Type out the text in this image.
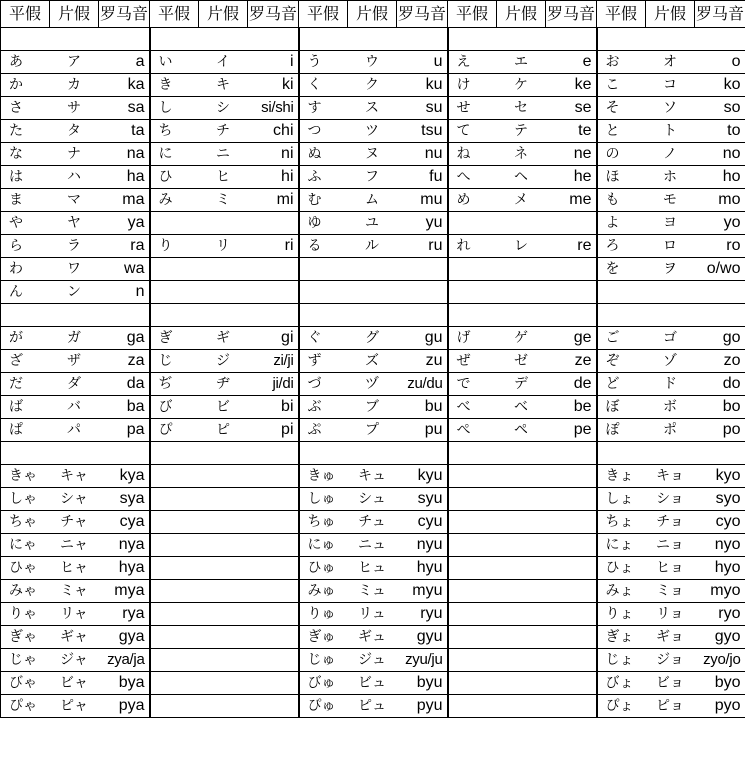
平假	片假	罗马音	平假	片假	罗马音	平假	片假	罗马音	平假	片假	罗马音	平假	片假	罗马音

あ	ア	a	い	イ	i	う	ウ	u	え	エ	e	お	オ	o
か	カ	ka	き	キ	ki	く	ク	ku	け	ケ	ke	こ	コ	ko
さ	サ	sa	し	シ	si/shi	す	ス	su	せ	セ	se	そ	ソ	so
た	タ	ta	ち	チ	chi	つ	ツ	tsu	て	テ	te	と	ト	to
な	ナ	na	に	ニ	ni	ぬ	ヌ	nu	ね	ネ	ne	の	ノ	no
は	ハ	ha	ひ	ヒ	hi	ふ	フ	fu	へ	ヘ	he	ほ	ホ	ho
ま	マ	ma	み	ミ	mi	む	ム	mu	め	メ	me	も	モ	mo
や	ヤ	ya				ゆ	ユ	yu				よ	ヨ	yo
ら	ラ	ra	り	リ	ri	る	ル	ru	れ	レ	re	ろ	ロ	ro
わ	ワ	wa										を	ヲ	o/wo
ん	ン	n												

が	ガ	ga	ぎ	ギ	gi	ぐ	グ	gu	げ	ゲ	ge	ご	ゴ	go
ざ	ザ	za	じ	ジ	zi/ji	ず	ズ	zu	ぜ	ゼ	ze	ぞ	ゾ	zo
だ	ダ	da	ぢ	ヂ	ji/di	づ	ヅ	zu/du	で	デ	de	ど	ド	do
ば	バ	ba	び	ビ	bi	ぶ	ブ	bu	べ	ベ	be	ぼ	ボ	bo
ぱ	パ	pa	ぴ	ピ	pi	ぷ	プ	pu	ぺ	ペ	pe	ぽ	ポ	po

きゃ	キャ	kya				きゅ	キュ	kyu				きょ	キョ	kyo
しゃ	シャ	sya				しゅ	シュ	syu				しょ	ショ	syo
ちゃ	チャ	cya				ちゅ	チュ	cyu				ちょ	チョ	cyo
にゃ	ニャ	nya				にゅ	ニュ	nyu				にょ	ニョ	nyo
ひゃ	ヒャ	hya				ひゅ	ヒュ	hyu				ひょ	ヒョ	hyo
みゃ	ミャ	mya				みゅ	ミュ	myu				みょ	ミョ	myo
りゃ	リャ	rya				りゅ	リュ	ryu				りょ	リョ	ryo
ぎゃ	ギャ	gya				ぎゅ	ギュ	gyu				ぎょ	ギョ	gyo
じゃ	ジャ	zya/ja				じゅ	ジュ	zyu/ju				じょ	ジョ	zyo/jo
びゃ	ビャ	bya				びゅ	ビュ	byu				びょ	ビョ	byo
ぴゃ	ピャ	pya				ぴゅ	ピュ	pyu				ぴょ	ピョ	pyo
